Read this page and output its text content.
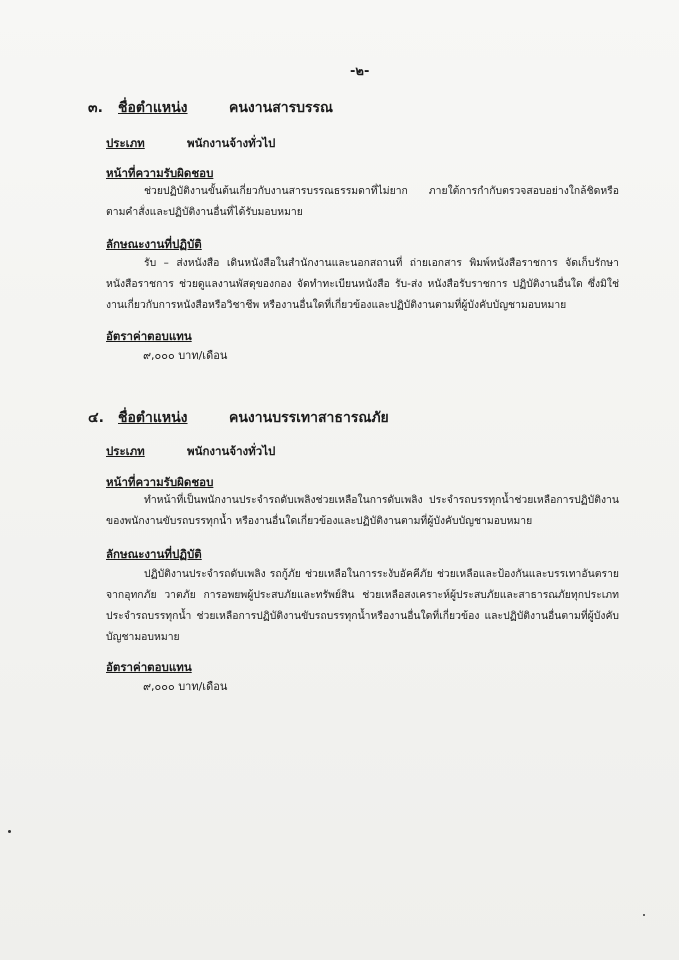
-๒-
๓. ชื่อตำแหน่ง	คนงานสารบรรณ
ประเภท	พนักงานจ้างทั่วไป
หน้าที่ความรับผิดชอบ
ช่วยปฏิบัติงานขั้นต้นเกี่ยวกับงานสารบรรณธรรมดาที่ไม่ยาก ภายใต้การกำกับตรวจสอบอย่างใกล้ชิดหรือตามคำสั่งและปฏิบัติงานอื่นที่ได้รับมอบหมาย
ลักษณะงานที่ปฏิบัติ
รับ – ส่งหนังสือ เดินหนังสือในสำนักงานและนอกสถานที่ ถ่ายเอกสาร พิมพ์หนังสือราชการ จัดเก็บรักษาหนังสือราชการ ช่วยดูแลงานพัสดุของกอง จัดทำทะเบียนหนังสือ รับ-ส่ง หนังสือรับราชการ ปฏิบัติงานอื่นใด ซึ่งมิใช่งานเกี่ยวกับการหนังสือหรือวิชาชีพ หรืองานอื่นใดที่เกี่ยวข้องและปฏิบัติงานตามที่ผู้บังคับบัญชามอบหมาย
อัตราค่าตอบแทน
๙,๐๐๐ บาท/เดือน
๔. ชื่อตำแหน่ง	คนงานบรรเทาสาธารณภัย
ประเภท	พนักงานจ้างทั่วไป
หน้าที่ความรับผิดชอบ
ทำหน้าที่เป็นพนักงานประจำรถดับเพลิงช่วยเหลือในการดับเพลิง ประจำรถบรรทุกน้ำช่วยเหลือการปฏิบัติงานของพนักงานขับรถบรรทุกน้ำ หรืองานอื่นใดเกี่ยวข้องและปฏิบัติงานตามที่ผู้บังคับบัญชามอบหมาย
ลักษณะงานที่ปฏิบัติ
ปฏิบัติงานประจำรถดับเพลิง รถกู้ภัย ช่วยเหลือในการระงับอัคคีภัย ช่วยเหลือและป้องกันและบรรเทาอันตรายจากอุทกภัย วาตภัย การอพยพผู้ประสบภัยและทรัพย์สิน ช่วยเหลือสงเคราะห์ผู้ประสบภัยและสาธารณภัยทุกประเภท ประจำรถบรรทุกน้ำ ช่วยเหลือการปฏิบัติงานขับรถบรรทุกน้ำหรืองานอื่นใดที่เกี่ยวข้อง และปฏิบัติงานอื่นตามที่ผู้บังคับบัญชามอบหมาย
อัตราค่าตอบแทน
๙,๐๐๐ บาท/เดือน
